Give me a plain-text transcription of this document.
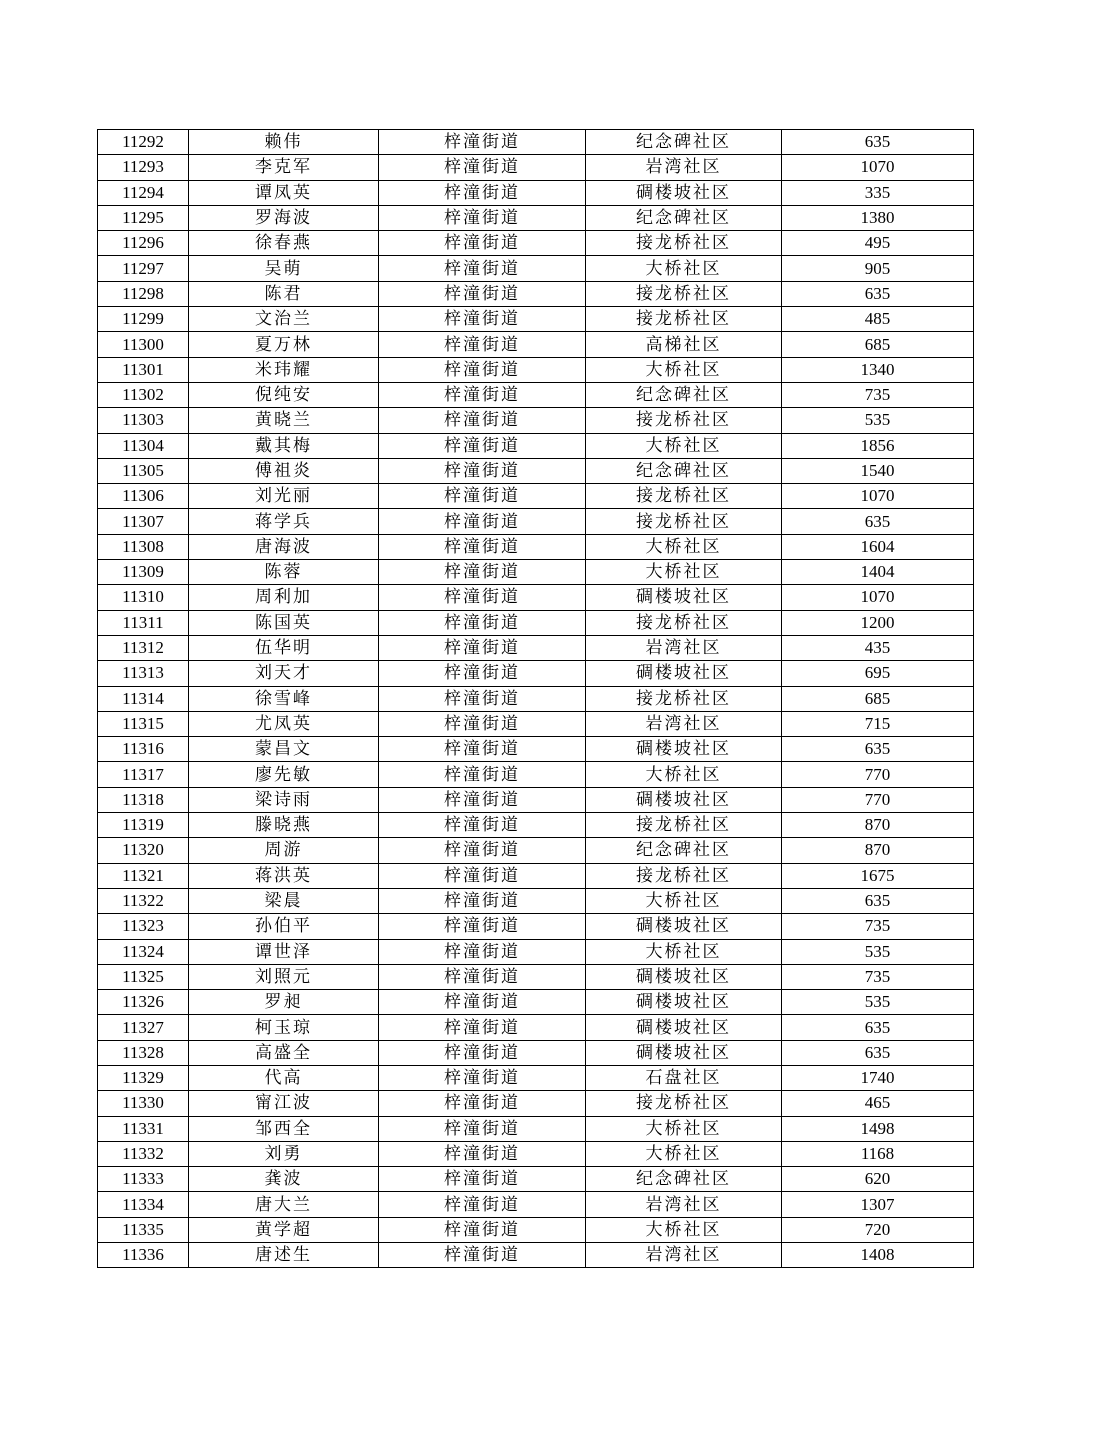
11292	赖伟	梓潼街道	纪念碑社区	635
11293	李克军	梓潼街道	岩湾社区	1070
11294	谭凤英	梓潼街道	碉楼坡社区	335
11295	罗海波	梓潼街道	纪念碑社区	1380
11296	徐春燕	梓潼街道	接龙桥社区	495
11297	吴萌	梓潼街道	大桥社区	905
11298	陈君	梓潼街道	接龙桥社区	635
11299	文治兰	梓潼街道	接龙桥社区	485
11300	夏万林	梓潼街道	高梯社区	685
11301	米玮耀	梓潼街道	大桥社区	1340
11302	倪纯安	梓潼街道	纪念碑社区	735
11303	黄晓兰	梓潼街道	接龙桥社区	535
11304	戴其梅	梓潼街道	大桥社区	1856
11305	傅祖炎	梓潼街道	纪念碑社区	1540
11306	刘光丽	梓潼街道	接龙桥社区	1070
11307	蒋学兵	梓潼街道	接龙桥社区	635
11308	唐海波	梓潼街道	大桥社区	1604
11309	陈蓉	梓潼街道	大桥社区	1404
11310	周利加	梓潼街道	碉楼坡社区	1070
11311	陈国英	梓潼街道	接龙桥社区	1200
11312	伍华明	梓潼街道	岩湾社区	435
11313	刘天才	梓潼街道	碉楼坡社区	695
11314	徐雪峰	梓潼街道	接龙桥社区	685
11315	尤凤英	梓潼街道	岩湾社区	715
11316	蒙昌文	梓潼街道	碉楼坡社区	635
11317	廖先敏	梓潼街道	大桥社区	770
11318	梁诗雨	梓潼街道	碉楼坡社区	770
11319	滕晓燕	梓潼街道	接龙桥社区	870
11320	周游	梓潼街道	纪念碑社区	870
11321	蒋洪英	梓潼街道	接龙桥社区	1675
11322	梁晨	梓潼街道	大桥社区	635
11323	孙伯平	梓潼街道	碉楼坡社区	735
11324	谭世泽	梓潼街道	大桥社区	535
11325	刘照元	梓潼街道	碉楼坡社区	735
11326	罗昶	梓潼街道	碉楼坡社区	535
11327	柯玉琼	梓潼街道	碉楼坡社区	635
11328	高盛全	梓潼街道	碉楼坡社区	635
11329	代高	梓潼街道	石盘社区	1740
11330	甯江波	梓潼街道	接龙桥社区	465
11331	邹西全	梓潼街道	大桥社区	1498
11332	刘勇	梓潼街道	大桥社区	1168
11333	龚波	梓潼街道	纪念碑社区	620
11334	唐大兰	梓潼街道	岩湾社区	1307
11335	黄学超	梓潼街道	大桥社区	720
11336	唐述生	梓潼街道	岩湾社区	1408
